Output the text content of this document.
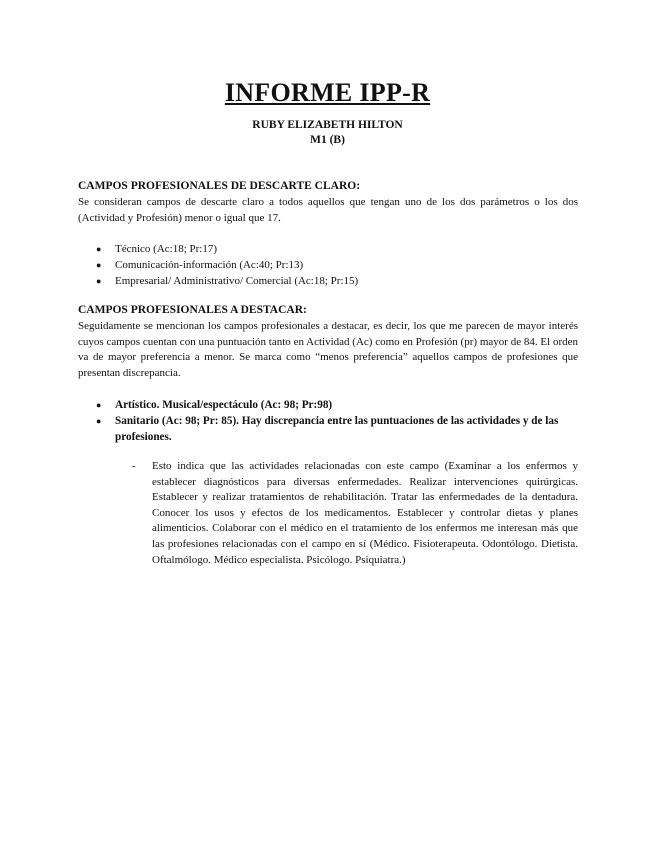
INFORME IPP-R
RUBY ELIZABETH HILTON
M1 (B)
CAMPOS PROFESIONALES DE DESCARTE CLARO:
Se consideran campos de descarte claro a todos aquellos que tengan uno de los dos parámetros o los dos (Actividad y Profesión) menor o igual que 17.
● Técnico (Ac:18; Pr:17)
● Comunicación-información (Ac:40; Pr:13)
● Empresarial/ Administrativo/ Comercial (Ac:18; Pr:15)
CAMPOS PROFESIONALES A DESTACAR:
Seguidamente se mencionan los campos profesionales a destacar, es decir, los que me parecen de mayor interés cuyos campos cuentan con una puntuación tanto en Actividad (Ac) como en Profesión (pr) mayor de 84. El orden va de mayor preferencia a menor. Se marca como “menos preferencia” aquellos campos de profesiones que presentan discrepancia.
● Artístico. Musical/espectáculo (Ac: 98; Pr:98)
● Sanitario (Ac: 98; Pr: 85). Hay discrepancia entre las puntuaciones de las actividades y de las profesiones.
- Esto indica que las actividades relacionadas con este campo (Examinar a los enfermos y establecer diagnósticos para diversas enfermedades. Realizar intervenciones quirúrgicas. Establecer y realizar tratamientos de rehabilitación. Tratar las enfermedades de la dentadura. Conocer los usos y efectos de los medicamentos. Establecer y controlar dietas y planes alimenticios. Colaborar con el médico en el tratamiento de los enfermos me interesan más que las profesiones relacionadas con el campo en sí (Médico. Fisioterapeuta. Odontólogo. Dietista. Oftalmólogo. Médico especialista. Psicólogo. Psiquiatra.)
